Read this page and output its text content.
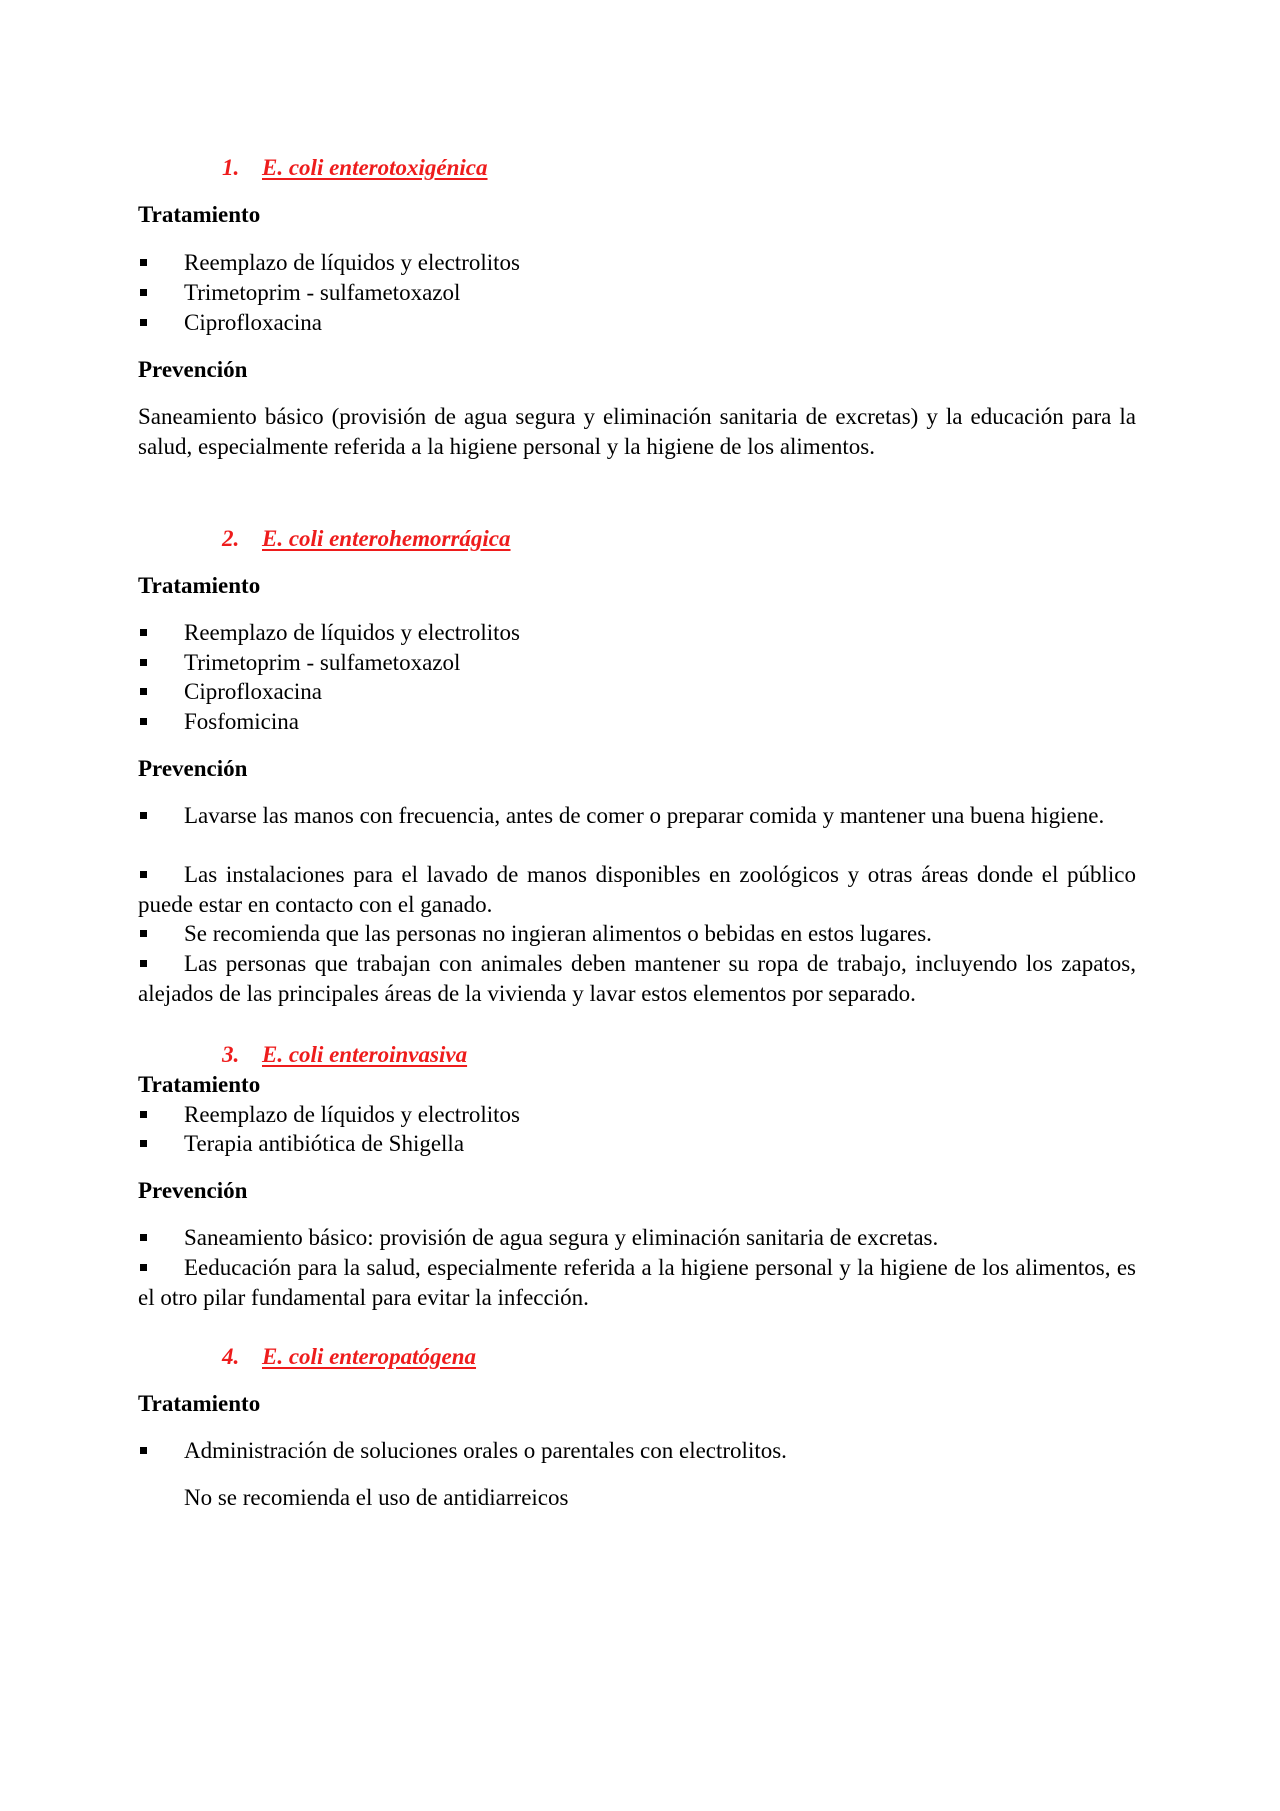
1. E. coli enterotoxigénica
Tratamiento
Reemplazo de líquidos y electrolitos
Trimetoprim - sulfametoxazol
Ciprofloxacina
Prevención
Saneamiento básico (provisión de agua segura y eliminación sanitaria de excretas) y la educación para la salud, especialmente referida a la higiene personal y la higiene de los alimentos.
2. E. coli enterohemorrágica
Tratamiento
Reemplazo de líquidos y electrolitos
Trimetoprim - sulfametoxazol
Ciprofloxacina
Fosfomicina
Prevención
Lavarse las manos con frecuencia, antes de comer o preparar comida y mantener una buena higiene.
Las instalaciones para el lavado de manos disponibles en zoológicos y otras áreas donde el público puede estar en contacto con el ganado.
Se recomienda que las personas no ingieran alimentos o bebidas en estos lugares.
Las personas que trabajan con animales deben mantener su ropa de trabajo, incluyendo los zapatos, alejados de las principales áreas de la vivienda y lavar estos elementos por separado.
3. E. coli enteroinvasiva
Tratamiento
Reemplazo de líquidos y electrolitos
Terapia antibiótica de Shigella
Prevención
Saneamiento básico: provisión de agua segura y eliminación sanitaria de excretas.
Eeducación para la salud, especialmente referida a la higiene personal y la higiene de los alimentos, es el otro pilar fundamental para evitar la infección.
4. E. coli enteropatógena
Tratamiento
Administración de soluciones orales o parentales con electrolitos.
No se recomienda el uso de antidiarreicos
